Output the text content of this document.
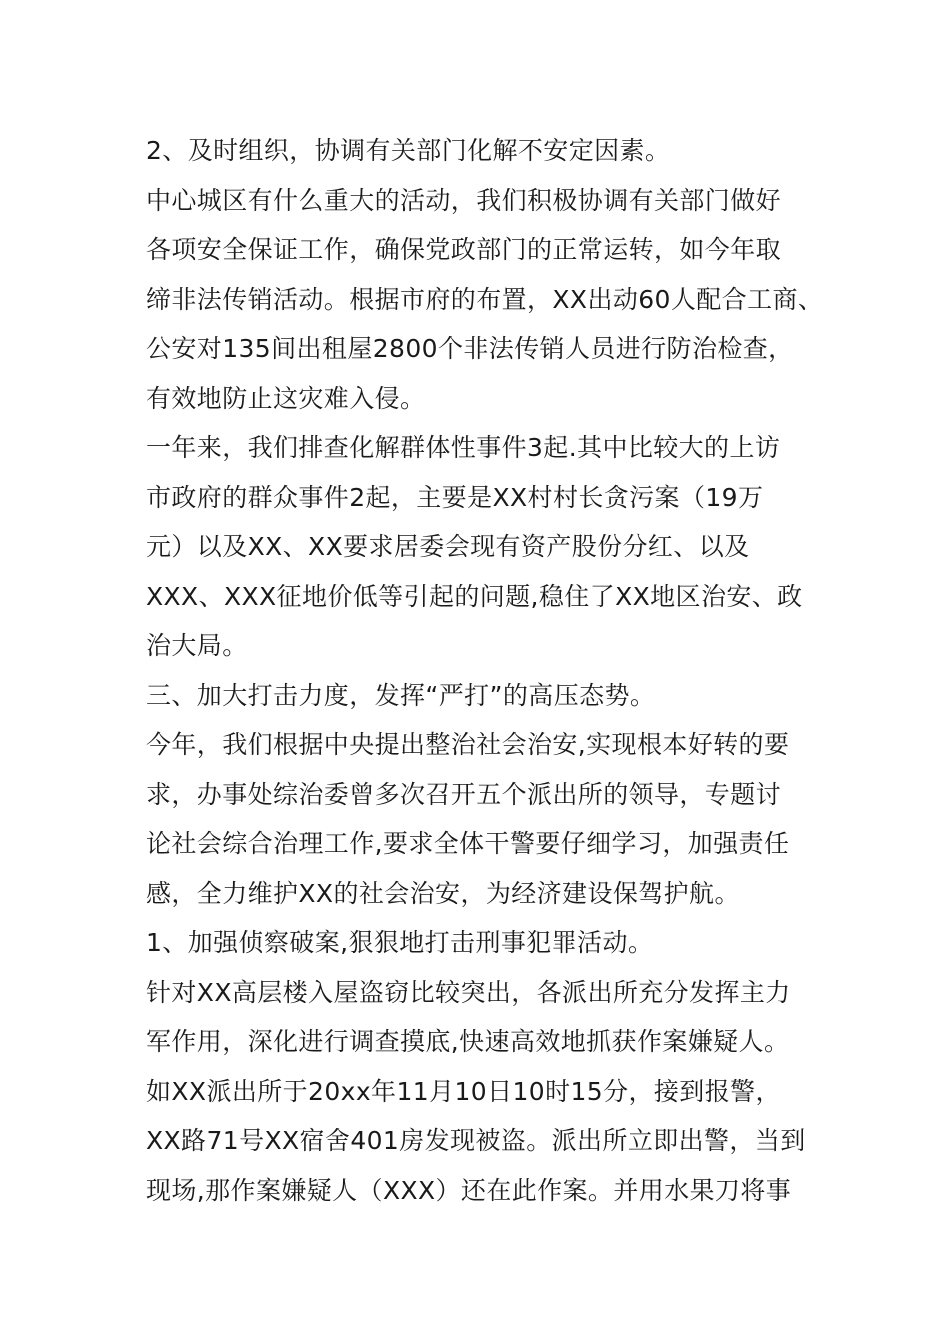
2、及时组织，协调有关部门化解不安定因素。
中心城区有什么重大的活动，我们积极协调有关部门做好
各项安全保证工作，确保党政部门的正常运转，如今年取
缔非法传销活动。根据市府的布置，XX出动60人配合工商、
公安对135间出租屋2800个非法传销人员进行防治检查，
有效地防止这灾难入侵。
一年来，我们排查化解群体性事件3起.其中比较大的上访
市政府的群众事件2起，主要是XX村村长贪污案（19万
元）以及XX、XX要求居委会现有资产股份分红、以及
XXX、XXX征地价低等引起的问题,稳住了XX地区治安、政
治大局。
三、加大打击力度，发挥“严打”的高压态势。
今年，我们根据中央提出整治社会治安,实现根本好转的要
求，办事处综治委曾多次召开五个派出所的领导，专题讨
论社会综合治理工作,要求全体干警要仔细学习，加强责任
感，全力维护XX的社会治安，为经济建设保驾护航。
1、加强侦察破案,狠狠地打击刑事犯罪活动。
针对XX高层楼入屋盗窃比较突出，各派出所充分发挥主力
军作用，深化进行调查摸底,快速高效地抓获作案嫌疑人。
如XX派出所于20xx年11月10日10时15分，接到报警，
XX路71号XX宿舍401房发现被盗。派出所立即出警，当到
现场,那作案嫌疑人（XXX）还在此作案。并用水果刀将事
